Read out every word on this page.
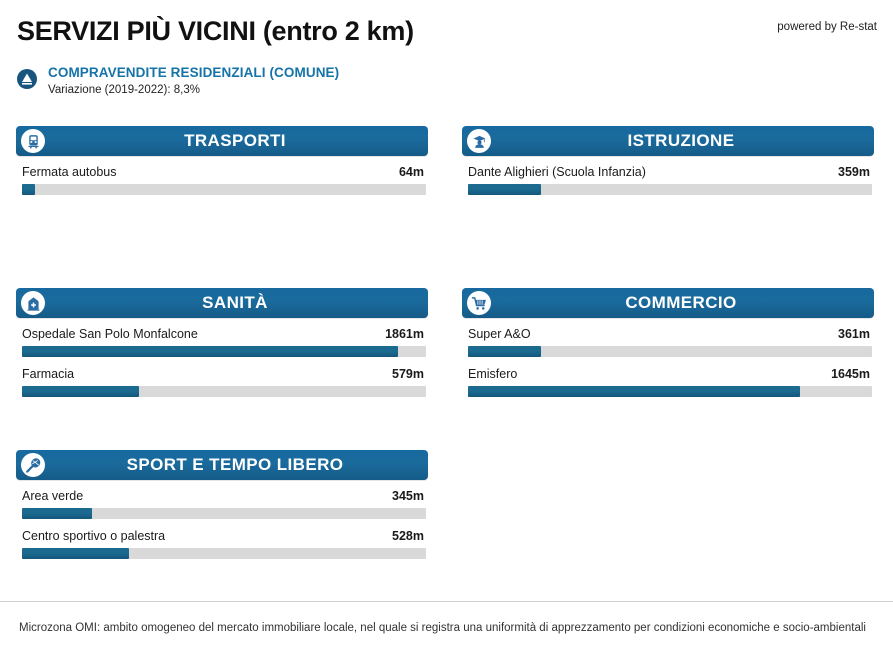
SERVIZI PIÙ VICINI (entro 2 km)	powered by Re-stat
COMPRAVENDITE RESIDENZIALI (COMUNE)
Variazione (2019-2022): 8,3%
TRASPORTI
Fermata autobus	64m
ISTRUZIONE
Dante Alighieri (Scuola Infanzia)	359m
SANITÀ
Ospedale San Polo Monfalcone	1861m
Farmacia	579m
COMMERCIO
Super A&O	361m
Emisfero	1645m
SPORT E TEMPO LIBERO
Area verde	345m
Centro sportivo o palestra	528m
Microzona OMI: ambito omogeneo del mercato immobiliare locale, nel quale si registra una uniformità di apprezzamento per condizioni economiche e socio-ambientali
